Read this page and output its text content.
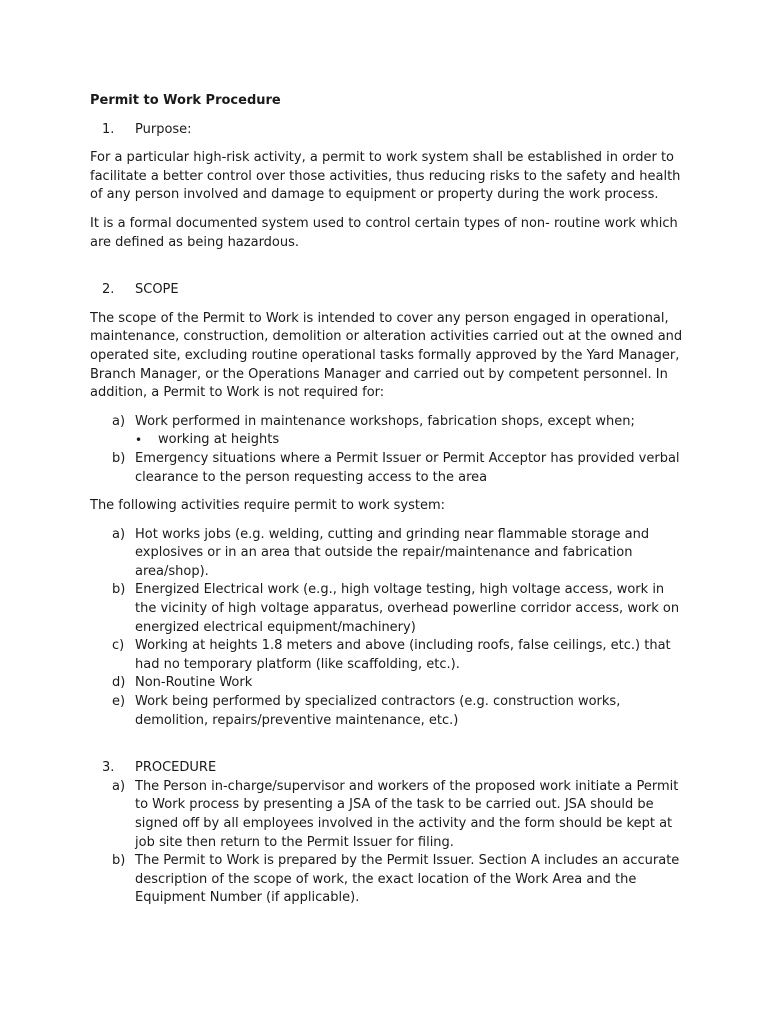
Permit to Work Procedure
1. Purpose:

For a particular high-risk activity, a permit to work system shall be established in order to facilitate a better control over those activities, thus reducing risks to the safety and health of any person involved and damage to equipment or property during the work process.

It is a formal documented system used to control certain types of non- routine work which are defined as being hazardous.

2. SCOPE

The scope of the Permit to Work is intended to cover any person engaged in operational, maintenance, construction, demolition or alteration activities carried out at the owned and operated site, excluding routine operational tasks formally approved by the Yard Manager, Branch Manager, or the Operations Manager and carried out by competent personnel. In addition, a Permit to Work is not required for:

a) Work performed in maintenance workshops, fabrication shops, except when;
• working at heights
b) Emergency situations where a Permit Issuer or Permit Acceptor has provided verbal clearance to the person requesting access to the area

The following activities require permit to work system:

a) Hot works jobs (e.g. welding, cutting and grinding near flammable storage and explosives or in an area that outside the repair/maintenance and fabrication area/shop).
b) Energized Electrical work (e.g., high voltage testing, high voltage access, work in the vicinity of high voltage apparatus, overhead powerline corridor access, work on energized electrical equipment/machinery)
c) Working at heights 1.8 meters and above (including roofs, false ceilings, etc.) that had no temporary platform (like scaffolding, etc.).
d) Non-Routine Work
e) Work being performed by specialized contractors (e.g. construction works, demolition, repairs/preventive maintenance, etc.)
3. PROCEDURE
a) The Person in-charge/supervisor and workers of the proposed work initiate a Permit to Work process by presenting a JSA of the task to be carried out. JSA should be signed off by all employees involved in the activity and the form should be kept at job site then return to the Permit Issuer for filing.
b) The Permit to Work is prepared by the Permit Issuer. Section A includes an accurate description of the scope of work, the exact location of the Work Area and the Equipment Number (if applicable).
